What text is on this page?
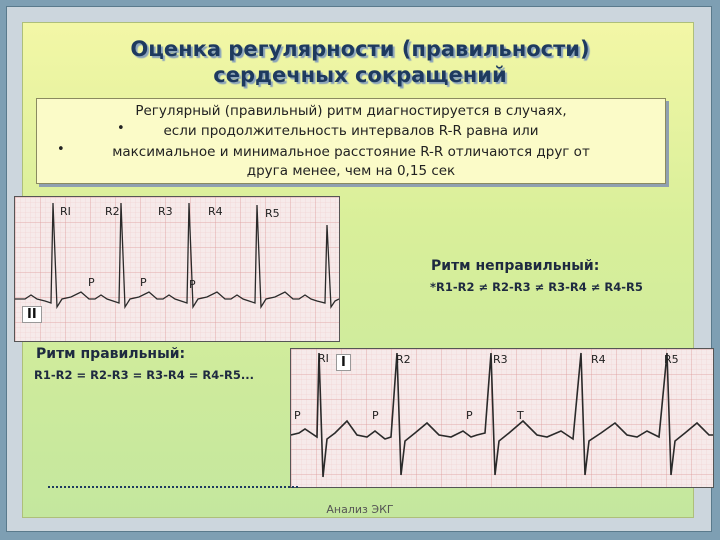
Оценка регулярности (правильности)
сердечных сокращений
Регулярный (правильный) ритм диагностируется в случаях,
•	если продолжительность интервалов R-R равна или
•	максимальное и минимальное расстояние R-R отличаются друг от
друга менее, чем на 0,15 сек
RI	R2	R3	R4	R5
P	P	P
II
Ритм правильный:
R1-R2 = R2-R3 = R3-R4 = R4-R5...
Ритм неправильный:
*R1-R2 ≠ R2-R3 ≠ R3-R4 ≠ R4-R5
RI I	R2	R3	R4	R5
P	P	P	T
Анализ ЭКГ
